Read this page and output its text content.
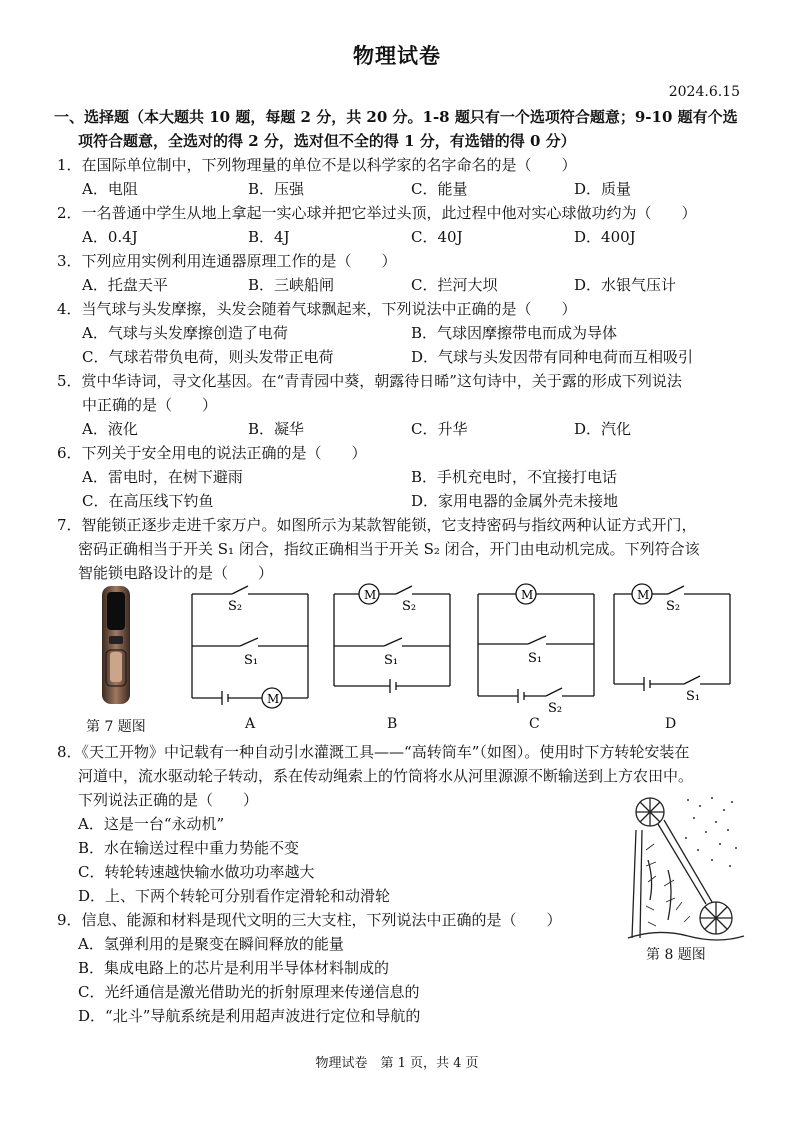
物理试卷
2024.6.15
一、选择题（本大题共 10 题，每题 2 分，共 20 分。1-8 题只有一个选项符合题意；9-10 题有个选
项符合题意，全选对的得 2 分，选对但不全的得 1 分，有选错的得 0 分）
1．在国际单位制中，下列物理量的单位不是以科学家的名字命名的是（　　）
A．电阻	B．压强	C．能量	D．质量
2．一名普通中学生从地上拿起一实心球并把它举过头顶，此过程中他对实心球做功约为（　　）
A．0.4J	B．4J	C．40J	D．400J
3．下列应用实例利用连通器原理工作的是（　　）
A．托盘天平	B．三峡船闸	C．拦河大坝	D．水银气压计
4．当气球与头发摩擦，头发会随着气球飘起来，下列说法中正确的是（　　）
A．气球与头发摩擦创造了电荷	B．气球因摩擦带电而成为导体
C．气球若带负电荷，则头发带正电荷	D．气球与头发因带有同种电荷而互相吸引
5．赏中华诗词，寻文化基因。在“青青园中葵，朝露待日晞”这句诗中，关于露的形成下列说法
中正确的是（　　）
A．液化	B．凝华	C．升华	D．汽化
6．下列关于安全用电的说法正确的是（　　）
A．雷电时，在树下避雨	B．手机充电时，不宜接打电话
C．在高压线下钓鱼	D．家用电器的金属外壳未接地
7．智能锁正逐步走进千家万户。如图所示为某款智能锁，它支持密码与指纹两种认证方式开门，
密码正确相当于开关 S₁ 闭合，指纹正确相当于开关 S₂ 闭合，开门由电动机完成。下列符合该
智能锁电路设计的是（　　）
第 7 题图
S₂
S₁
M
A
M
S₂
S₁
B
M
S₁
S₂
C
M
S₂
S₁
D
8．《天工开物》中记载有一种自动引水灌溉工具——“高转筒车”（如图）。使用时下方转轮安装在
河道中，流水驱动轮子转动，系在传动绳索上的竹筒将水从河里源源不断输送到上方农田中。
下列说法正确的是（　　）
A．这是一台“永动机”
B．水在输送过程中重力势能不变
C．转轮转速越快输水做功功率越大
D．上、下两个转轮可分别看作定滑轮和动滑轮
第 8 题图
9．信息、能源和材料是现代文明的三大支柱，下列说法中正确的是（　　）
A．氢弹利用的是聚变在瞬间释放的能量
B．集成电路上的芯片是利用半导体材料制成的
C．光纤通信是激光借助光的折射原理来传递信息的
D．“北斗”导航系统是利用超声波进行定位和导航的
物理试卷　第 1 页，共 4 页
